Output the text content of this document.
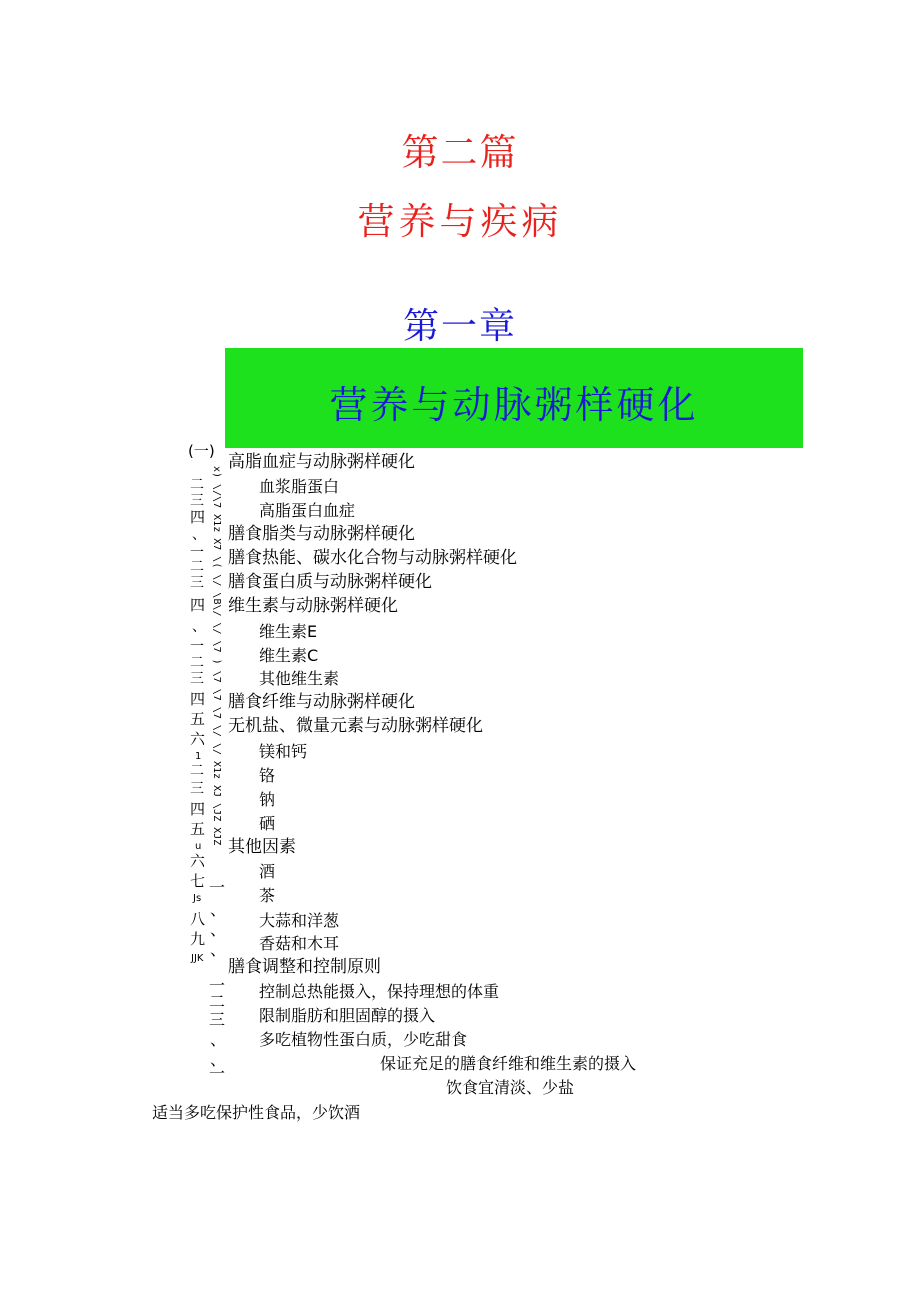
第二篇
营养与疾病
第一章
营养与动脉粥样硬化
(一)
二
三
四
、
一
二
三
四
、
一
二
三
四
五
六
1
二
三
四
五
u
六
七
Js
八
九
JJK
x) \/\7 X1z X7 \( \/ \B\/ \/ \7 ) \7 \7 \7 \/ \/ X1z XJ \JZ XJZ
一
、
、
、
一
二
三
、
、
一
高脂血症与动脉粥样硬化
血浆脂蛋白
高脂蛋白血症
膳食脂类与动脉粥样硬化
膳食热能、碳水化合物与动脉粥样硬化
膳食蛋白质与动脉粥样硬化
维生素与动脉粥样硬化
维生素E
维生素C
其他维生素
膳食纤维与动脉粥样硬化
无机盐、微量元素与动脉粥样硬化
镁和钙
铬
钠
硒
其他因素
酒
茶
大蒜和洋葱
香菇和木耳
膳食调整和控制原则
控制总热能摄入，保持理想的体重
限制脂肪和胆固醇的摄入
多吃植物性蛋白质，少吃甜食
保证充足的膳食纤维和维生素的摄入
饮食宜清淡、少盐
适当多吃保护性食品，少饮酒
